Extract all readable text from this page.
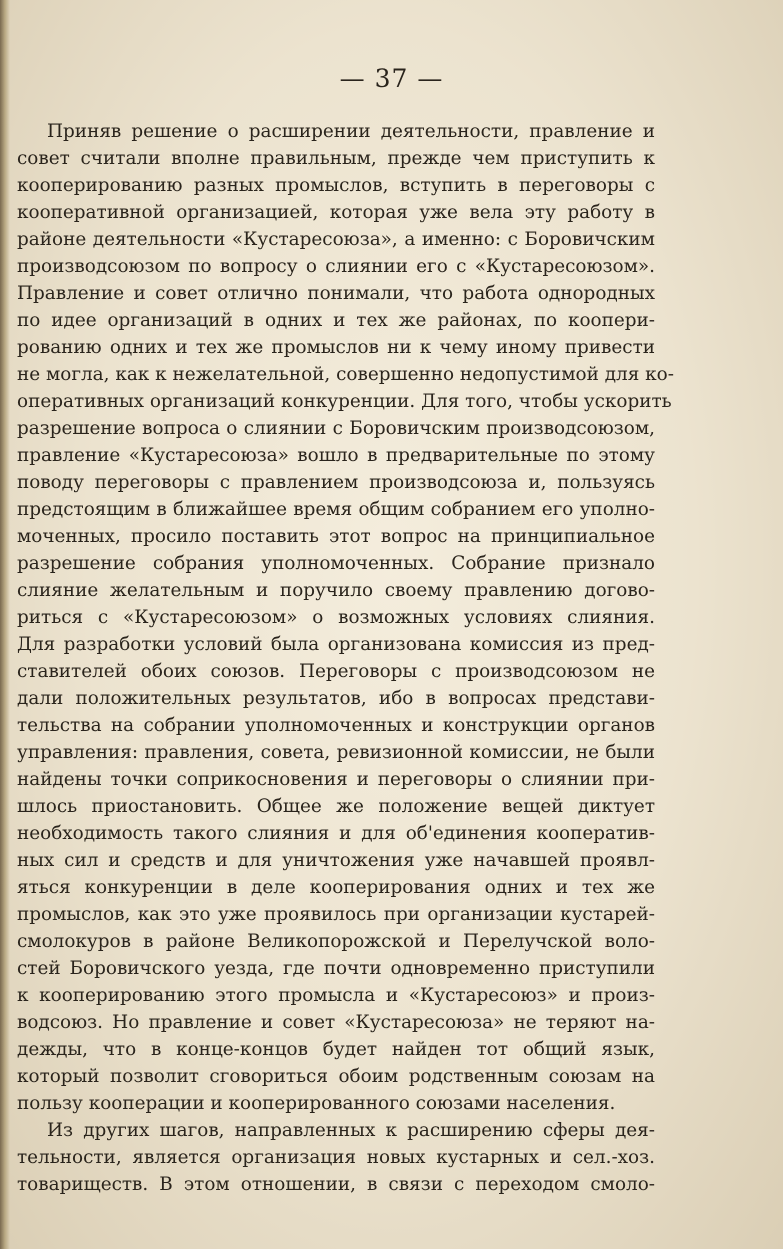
— 37 —
Приняв решение о расширении деятельности, правление и
совет считали вполне правильным, прежде чем приступить к
кооперированию разных промыслов, вступить в переговоры с
кооперативной организацией, которая уже вела эту работу в
районе деятельности «Кустаресоюза», а именно: с Боровичским
производсоюзом по вопросу о слиянии его с «Кустаресоюзом».
Правление и совет отлично понимали, что работа однородных
по идее организаций в одних и тех же районах, по коопери-
рованию одних и тех же промыслов ни к чему иному привести
не могла, как к нежелательной, совершенно недопустимой для ко-
оперативных организаций конкуренции. Для того, чтобы ускорить
разрешение вопроса о слиянии с Боровичским производсоюзом,
правление «Кустаресоюза» вошло в предварительные по этому
поводу переговоры с правлением производсоюза и, пользуясь
предстоящим в ближайшее время общим собранием его уполно-
моченных, просило поставить этот вопрос на принципиальное
разрешение собрания уполномоченных. Собрание признало
слияние желательным и поручило своему правлению догово-
риться с «Кустаресоюзом» о возможных условиях слияния.
Для разработки условий была организована комиссия из пред-
ставителей обоих союзов. Переговоры с производсоюзом не
дали положительных результатов, ибо в вопросах представи-
тельства на собрании уполномоченных и конструкции органов
управления: правления, совета, ревизионной комиссии, не были
найдены точки соприкосновения и переговоры о слиянии при-
шлось приостановить. Общее же положение вещей диктует
необходимость такого слияния и для об'единения кооператив-
ных сил и средств и для уничтожения уже начавшей проявл-
яться конкуренции в деле кооперирования одних и тех же
промыслов, как это уже проявилось при организации кустарей-
смолокуров в районе Великопорожской и Перелучской воло-
стей Боровичского уезда, где почти одновременно приступили
к кооперированию этого промысла и «Кустаресоюз» и произ-
водсоюз. Но правление и совет «Кустаресоюза» не теряют на-
дежды, что в конце-концов будет найден тот общий язык,
который позволит сговориться обоим родственным союзам на
пользу кооперации и кооперированного союзами населения.
Из других шагов, направленных к расширению сферы дея-
тельности, является организация новых кустарных и сел.-хоз.
товариществ. В этом отношении, в связи с переходом смоло-
